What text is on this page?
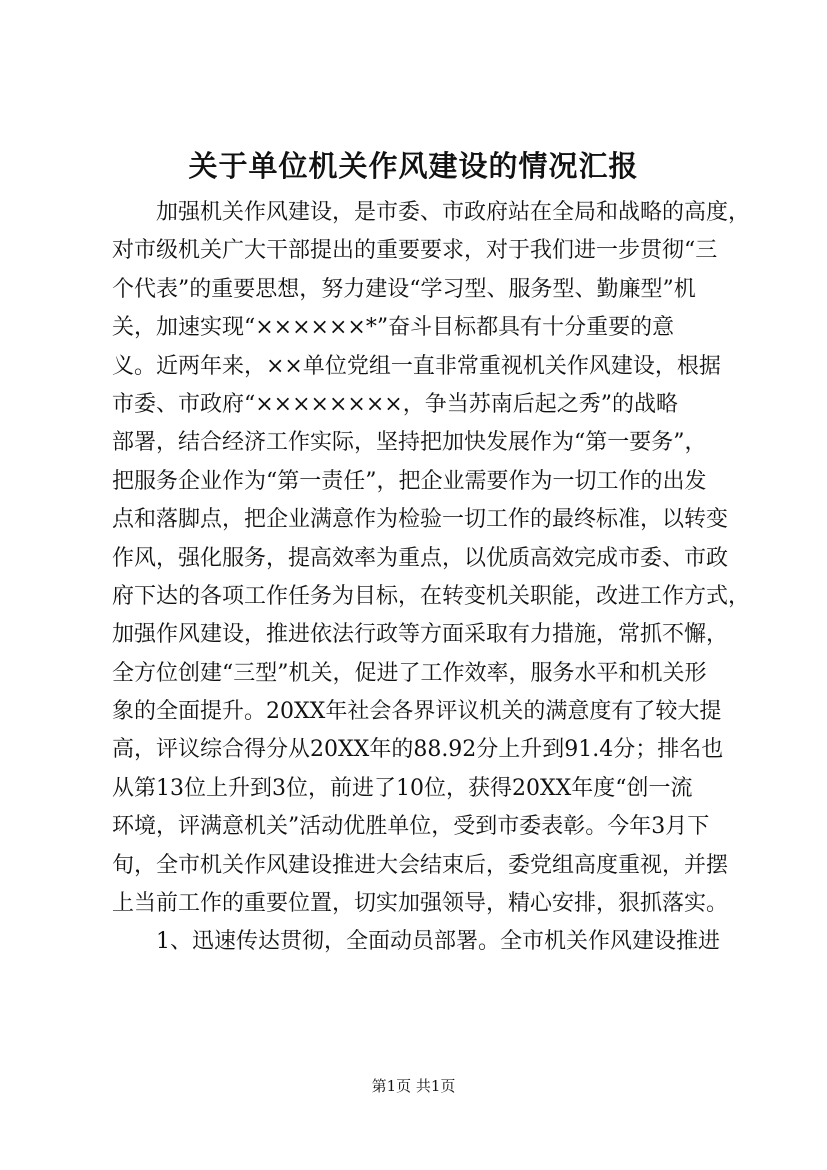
关于单位机关作风建设的情况汇报
加强机关作风建设，是市委、市政府站在全局和战略的高度，
对市级机关广大干部提出的重要要求，对于我们进一步贯彻“三
个代表”的重要思想，努力建设“学习型、服务型、勤廉型”机
关，加速实现“××××××*”奋斗目标都具有十分重要的意
义。近两年来，××单位党组一直非常重视机关作风建设，根据
市委、市政府“××××××××，争当苏南后起之秀”的战略
部署，结合经济工作实际，坚持把加快发展作为“第一要务”，
把服务企业作为“第一责任”，把企业需要作为一切工作的出发
点和落脚点，把企业满意作为检验一切工作的最终标准，以转变
作风，强化服务，提高效率为重点，以优质高效完成市委、市政
府下达的各项工作任务为目标，在转变机关职能，改进工作方式，
加强作风建设，推进依法行政等方面采取有力措施，常抓不懈，
全方位创建“三型”机关，促进了工作效率，服务水平和机关形
象的全面提升。20XX年社会各界评议机关的满意度有了较大提
高，评议综合得分从20XX年的88.92分上升到91.4分；排名也
从第13位上升到3位，前进了10位，获得20XX年度“创一流
环境，评满意机关”活动优胜单位，受到市委表彰。今年3月下
旬，全市机关作风建设推进大会结束后，委党组高度重视，并摆
上当前工作的重要位置，切实加强领导，精心安排，狠抓落实。
1、迅速传达贯彻，全面动员部署。全市机关作风建设推进
第1页 共1页
